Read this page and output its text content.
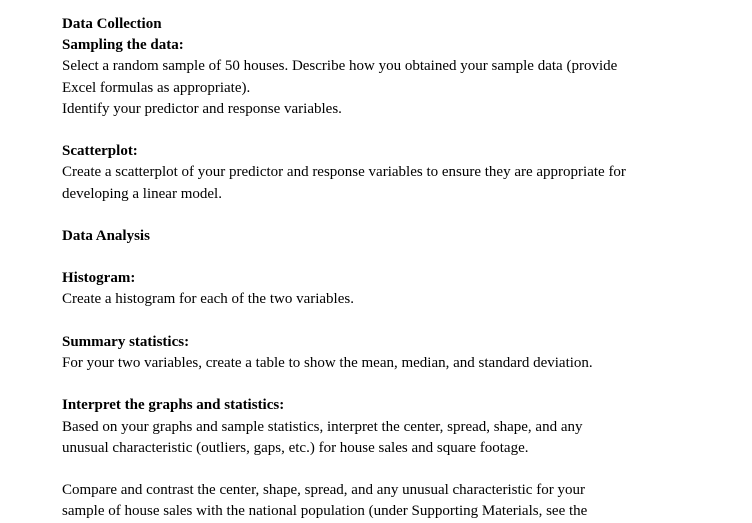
Data Collection
Sampling the data:
Select a random sample of 50 houses. Describe how you obtained your sample data (provide
Excel formulas as appropriate).
Identify your predictor and response variables.
Scatterplot:
Create a scatterplot of your predictor and response variables to ensure they are appropriate for
developing a linear model.
Data Analysis
Histogram:
Create a histogram for each of the two variables.
Summary statistics:
For your two variables, create a table to show the mean, median, and standard deviation.
Interpret the graphs and statistics:
Based on your graphs and sample statistics, interpret the center, spread, shape, and any
unusual characteristic (outliers, gaps, etc.) for house sales and square footage.
Compare and contrast the center, shape, spread, and any unusual characteristic for your
sample of house sales with the national population (under Supporting Materials, see the
